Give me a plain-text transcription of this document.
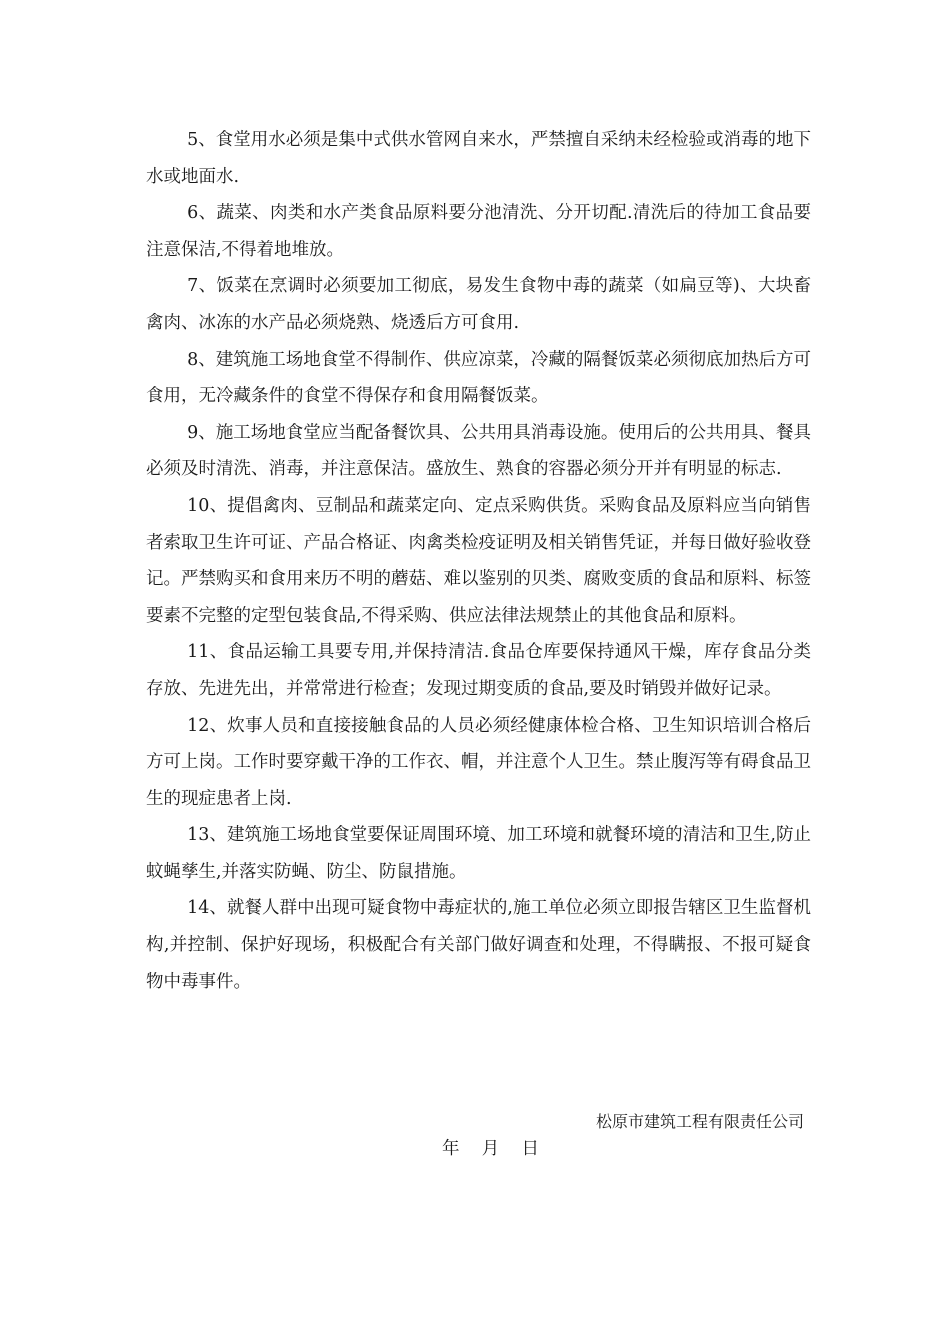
5、食堂用水必须是集中式供水管网自来水，严禁擅自采纳未经检验或消毒的地下水或地面水.

6、蔬菜、肉类和水产类食品原料要分池清洗、分开切配.清洗后的待加工食品要注意保洁,不得着地堆放。

7、饭菜在烹调时必须要加工彻底，易发生食物中毒的蔬菜（如扁豆等)、大块畜禽肉、冰冻的水产品必须烧熟、烧透后方可食用.

8、建筑施工场地食堂不得制作、供应凉菜，冷藏的隔餐饭菜必须彻底加热后方可食用，无冷藏条件的食堂不得保存和食用隔餐饭菜。

9、施工场地食堂应当配备餐饮具、公共用具消毒设施。使用后的公共用具、餐具必须及时清洗、消毒，并注意保洁。盛放生、熟食的容器必须分开并有明显的标志.

10、提倡禽肉、豆制品和蔬菜定向、定点采购供货。采购食品及原料应当向销售者索取卫生许可证、产品合格证、肉禽类检疫证明及相关销售凭证，并每日做好验收登记。严禁购买和食用来历不明的蘑菇、难以鉴别的贝类、腐败变质的食品和原料、标签要素不完整的定型包装食品,不得采购、供应法律法规禁止的其他食品和原料。

11、食品运输工具要专用,并保持清洁.食品仓库要保持通风干燥，库存食品分类存放、先进先出，并常常进行检查；发现过期变质的食品,要及时销毁并做好记录。

12、炊事人员和直接接触食品的人员必须经健康体检合格、卫生知识培训合格后方可上岗。工作时要穿戴干净的工作衣、帽，并注意个人卫生。禁止腹泻等有碍食品卫生的现症患者上岗.

13、建筑施工场地食堂要保证周围环境、加工环境和就餐环境的清洁和卫生,防止蚊蝇孳生,并落实防蝇、防尘、防鼠措施。

14、就餐人群中出现可疑食物中毒症状的,施工单位必须立即报告辖区卫生监督机构,并控制、保护好现场，积极配合有关部门做好调查和处理，不得瞒报、不报可疑食物中毒事件。

松原市建筑工程有限责任公司
年    月    日
